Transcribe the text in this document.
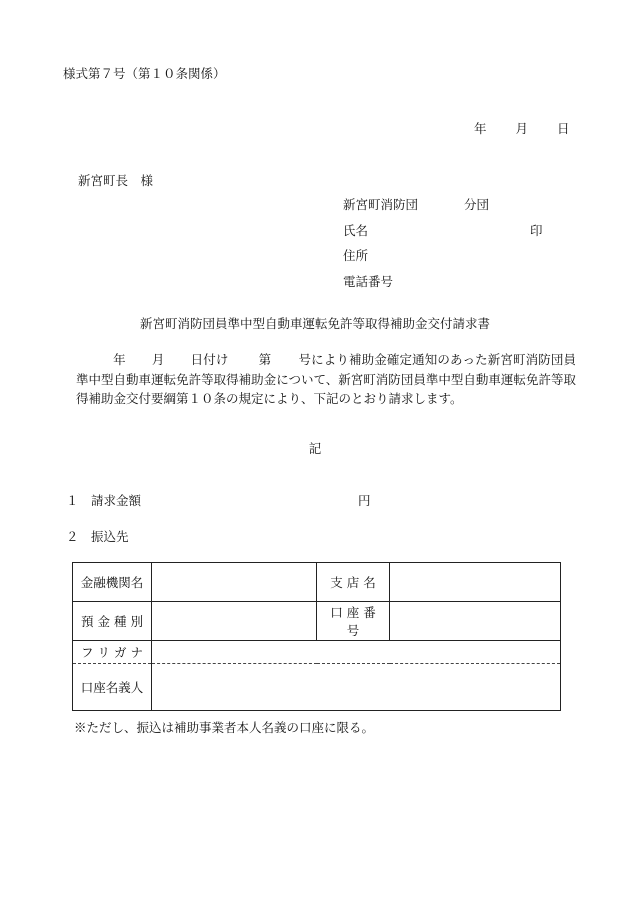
様式第７号（第１０条関係）
年 月 日
新宮町長　様
新宮町消防団	分団
氏名	印
住所
電話番号
新宮町消防団員準中型自動車運転免許等取得補助金交付請求書
年 月 日付け 第 号により補助金確定通知のあった新宮町消防団員準中型自動車運転免許等取得補助金について、新宮町消防団員準中型自動車運転免許等取得補助金交付要綱第１０条の規定により、下記のとおり請求します。
記
１　請求金額	円
２　振込先
金融機関名		支 店 名	
預 金 種 別		口 座 番 号	
フ リ ガ ナ			
口座名義人			
※ただし、振込は補助事業者本人名義の口座に限る。
